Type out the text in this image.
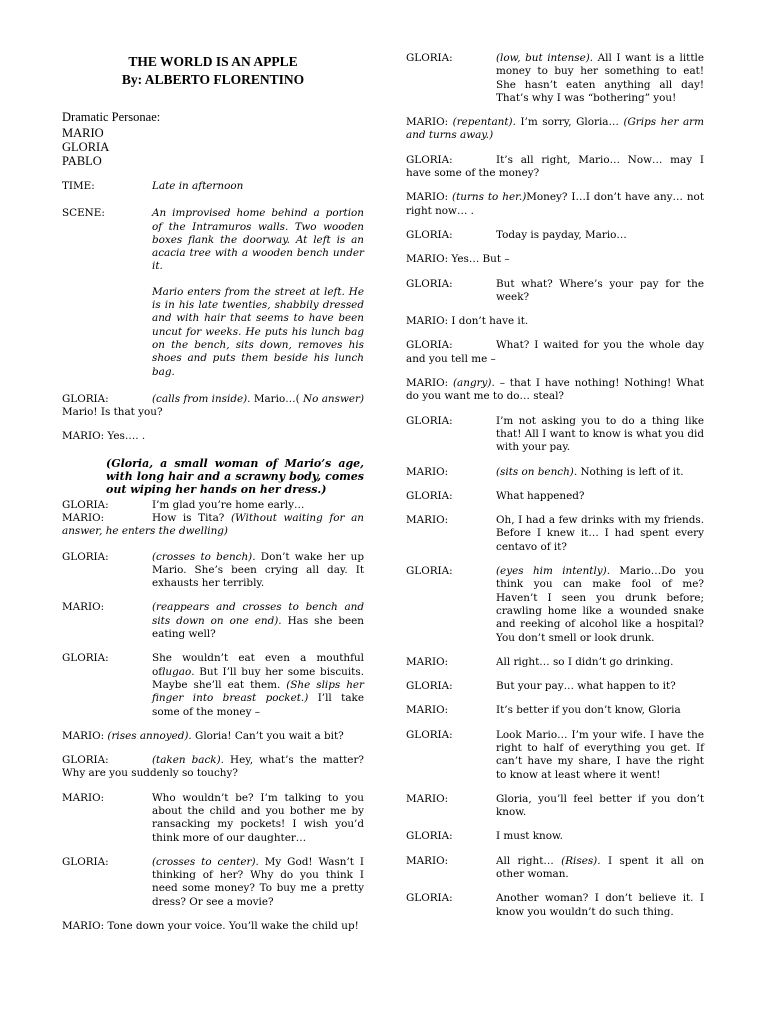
THE WORLD IS AN APPLE
By: ALBERTO FLORENTINO
Dramatic Personae:
MARIO
GLORIA
PABLO
TIME:	Late in afternoon
SCENE:	An improvised home behind a portion of the Intramuros walls. Two wooden boxes flank the doorway. At left is an acacia tree with a wooden bench under it.
Mario enters from the street at left. He is in his late twenties, shabbily dressed and with hair that seems to have been uncut for weeks. He puts his lunch bag on the bench, sits down, removes his shoes and puts them beside his lunch bag.
GLORIA:	(calls from inside). Mario…( No answer) Mario! Is that you?
MARIO: Yes…. .
(Gloria, a small woman of Mario’s age, with long hair and a scrawny body, comes out wiping her hands on her dress.)
GLORIA:	I’m glad you’re home early…
MARIO:	How is Tita? (Without waiting for an answer, he enters the dwelling)
GLORIA:	(crosses to bench). Don’t wake her up Mario. She’s been crying all day. It exhausts her terribly.
MARIO:	(reappears and crosses to bench and sits down on one end). Has she been eating well?
GLORIA:	She wouldn’t eat even a mouthful oflugao. But I’ll buy her some biscuits. Maybe she’ll eat them. (She slips her finger into breast pocket.) I’ll take some of the money –
MARIO: (rises annoyed). Gloria! Can’t you wait a bit?
GLORIA:	(taken back). Hey, what’s the matter? Why are you suddenly so touchy?
MARIO:	Who wouldn’t be? I’m talking to you about the child and you bother me by ransacking my pockets! I wish you’d think more of our daughter…
GLORIA:	(crosses to center). My God! Wasn’t I thinking of her? Why do you think I need some money? To buy me a pretty dress? Or see a movie?
MARIO: Tone down your voice. You’ll wake the child up!
GLORIA:	(low, but intense). All I want is a little money to buy her something to eat! She hasn’t eaten anything all day! That’s why I was “bothering” you!
MARIO: (repentant). I’m sorry, Gloria… (Grips her arm and turns away.)
GLORIA:	It’s all right, Mario… Now… may I have some of the money?
MARIO: (turns to her.)Money? I…I don’t have any… not right now… .
GLORIA:	Today is payday, Mario…
MARIO: Yes… But –
GLORIA:	But what? Where’s your pay for the week?
MARIO: I don’t have it.
GLORIA:	What? I waited for you the whole day and you tell me –
MARIO: (angry). – that I have nothing! Nothing! What do you want me to do… steal?
GLORIA:	I’m not asking you to do a thing like that! All I want to know is what you did with your pay.
MARIO:	(sits on bench). Nothing is left of it.
GLORIA:	What happened?
MARIO:	Oh, I had a few drinks with my friends. Before I knew it… I had spent every centavo of it?
GLORIA:	(eyes him intently). Mario…Do you think you can make fool of me? Haven’t I seen you drunk before; crawling home like a wounded snake and reeking of alcohol like a hospital? You don’t smell or look drunk.
MARIO:	All right… so I didn’t go drinking.
GLORIA:	But your pay… what happen to it?
MARIO:	It’s better if you don’t know, Gloria
GLORIA:	Look Mario… I’m your wife. I have the right to half of everything you get. If can’t have my share, I have the right to know at least where it went!
MARIO:	Gloria, you’ll feel better if you don’t know.
GLORIA:	I must know.
MARIO:	All right… (Rises). I spent it all on other woman.
GLORIA:	Another woman? I don’t believe it. I know you wouldn’t do such thing.
